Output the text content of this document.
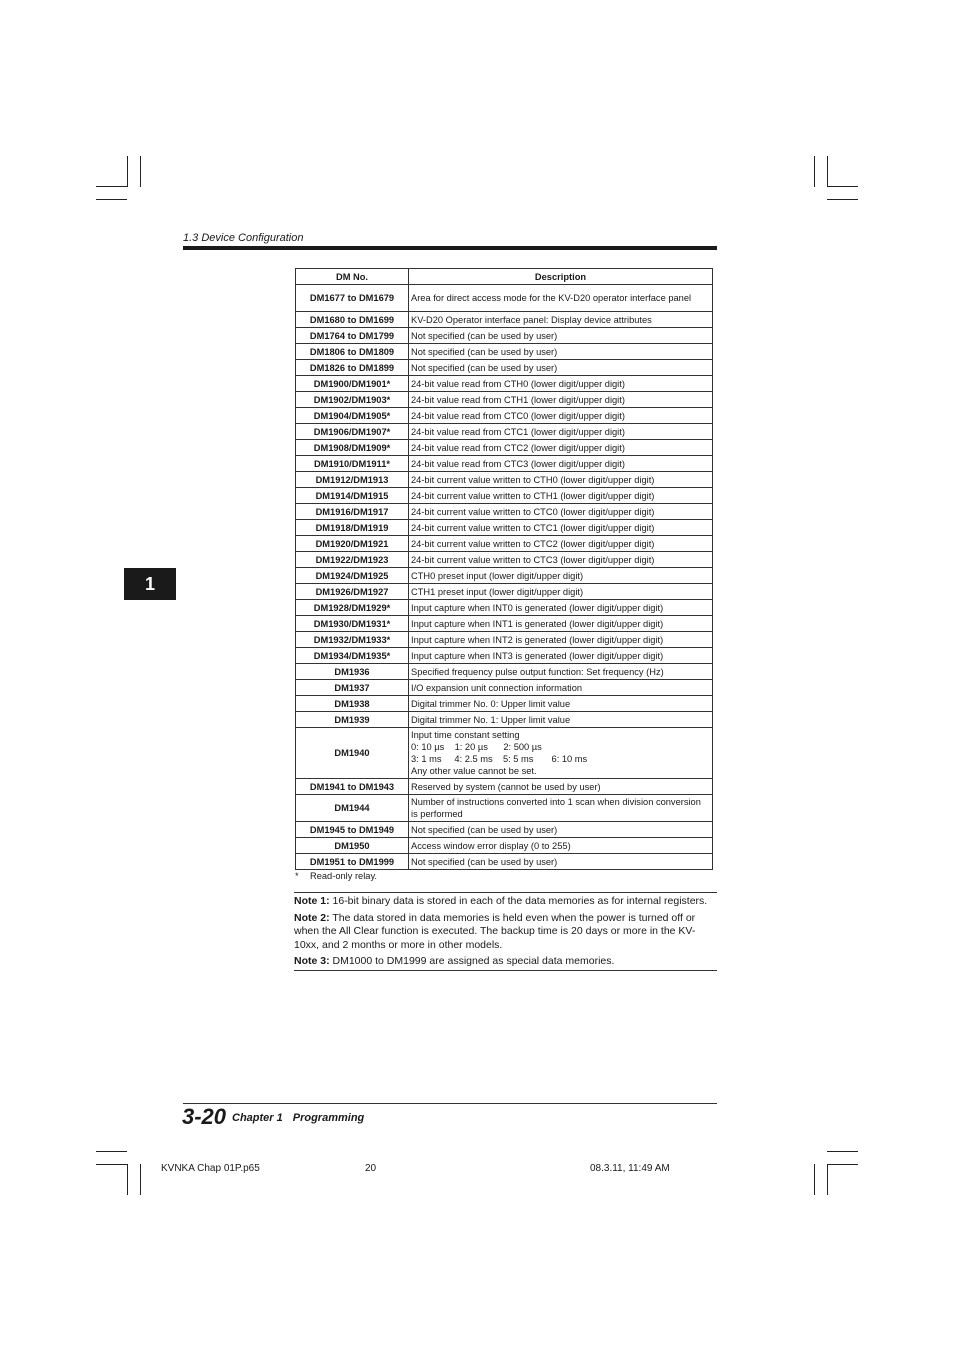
1.3 Device Configuration
1
DM No.	Description
DM1677 to DM1679	Area for direct access mode for the KV-D20 operator interface panel
DM1680 to DM1699	KV-D20 Operator interface panel: Display device attributes
DM1764 to DM1799	Not specified (can be used by user)
DM1806 to DM1809	Not specified (can be used by user)
DM1826 to DM1899	Not specified (can be used by user)
DM1900/DM1901*	24-bit value read from CTH0 (lower digit/upper digit)
DM1902/DM1903*	24-bit value read from CTH1 (lower digit/upper digit)
DM1904/DM1905*	24-bit value read from CTC0 (lower digit/upper digit)
DM1906/DM1907*	24-bit value read from CTC1 (lower digit/upper digit)
DM1908/DM1909*	24-bit value read from CTC2 (lower digit/upper digit)
DM1910/DM1911*	24-bit value read from CTC3 (lower digit/upper digit)
DM1912/DM1913	24-bit current value written to CTH0 (lower digit/upper digit)
DM1914/DM1915	24-bit current value written to CTH1 (lower digit/upper digit)
DM1916/DM1917	24-bit current value written to CTC0 (lower digit/upper digit)
DM1918/DM1919	24-bit current value written to CTC1 (lower digit/upper digit)
DM1920/DM1921	24-bit current value written to CTC2 (lower digit/upper digit)
DM1922/DM1923	24-bit current value written to CTC3 (lower digit/upper digit)
DM1924/DM1925	CTH0 preset input (lower digit/upper digit)
DM1926/DM1927	CTH1 preset input (lower digit/upper digit)
DM1928/DM1929*	Input capture when INT0 is generated (lower digit/upper digit)
DM1930/DM1931*	Input capture when INT1 is generated (lower digit/upper digit)
DM1932/DM1933*	Input capture when INT2 is generated (lower digit/upper digit)
DM1934/DM1935*	Input capture when INT3 is generated (lower digit/upper digit)
DM1936	Specified frequency pulse output function: Set frequency (Hz)
DM1937	I/O expansion unit connection information
DM1938	Digital trimmer No. 0: Upper limit value
DM1939	Digital trimmer No. 1: Upper limit value
DM1940	Input time constant setting
0: 10 µs    1: 20 µs      2: 500 µs
3: 1 ms     4: 2.5 ms    5: 5 ms       6: 10 ms
Any other value cannot be set.

DM1941 to DM1943	Reserved by system (cannot be used by user)
DM1944	Number of instructions converted into 1 scan when division conversion is performed
DM1945 to DM1949	Not specified (can be used by user)
DM1950	Access window error display (0 to 255)
DM1951 to DM1999	Not specified (can be used by user)
* Read-only relay.

Note 1: 16-bit binary data is stored in each of the data memories as for internal registers.

Note 2: The data stored in data memories is held even when the power is turned off or when the All Clear function is executed. The backup time is 20 days or more in the KV-10xx, and 2 months or more in other models.

Note 3: DM1000 to DM1999 are assigned as special data memories.

3-20 Chapter 1 Programming
KVNKA Chap 01P.p65	20	08.3.11, 11:49 AM
